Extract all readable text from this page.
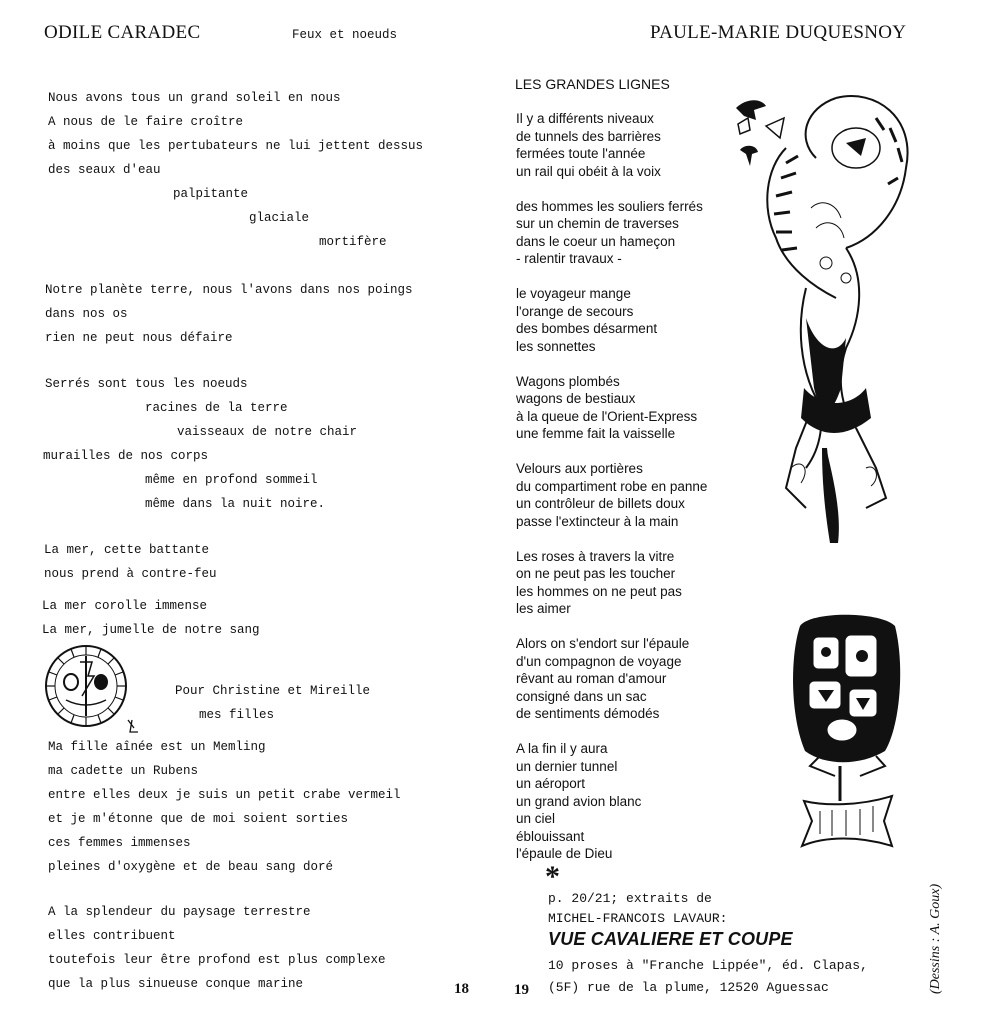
ODILE CARADEC	Feux et noeuds
Nous avons tous un grand soleil en nous
A nous de le faire croître
à moins que les pertubateurs ne lui jettent dessus
des seaux d'eau
palpitante
glaciale
mortifère
Notre planète terre, nous l'avons dans nos poings
dans nos os
rien ne peut nous défaire
Serrés sont tous les noeuds
racines de la terre
vaisseaux de notre chair
murailles de nos corps
même en profond sommeil
même dans la nuit noire.
La mer, cette battante
nous prend à contre-feu
La mer corolle immense
La mer, jumelle de notre sang
Pour Christine et Mireille
mes filles
Ma fille aînée est un Memling
ma cadette un Rubens
entre elles deux je suis un petit crabe vermeil
et je m'étonne que de moi soient sorties
ces femmes immenses
pleines d'oxygène et de beau sang doré
A la splendeur du paysage terrestre
elles contribuent
toutefois leur être profond est plus complexe
que la plus sinueuse conque marine	18
PAULE-MARIE DUQUESNOY
LES GRANDES LIGNES
Il y a différents niveaux
de tunnels des barrières
fermées toute l'année
un rail qui obéit à la voix
des hommes les souliers ferrés
sur un chemin de traverses
dans le coeur un hameçon
- ralentir travaux -
le voyageur mange
l'orange de secours
des bombes désarment
les sonnettes
Wagons plombés
wagons de bestiaux
à la queue de l'Orient-Express
une femme fait la vaisselle
Velours aux portières
du compartiment robe en panne
un contrôleur de billets doux
passe l'extincteur à la main
Les roses à travers la vitre
on ne peut pas les toucher
les hommes on ne peut pas
les aimer
Alors on s'endort sur l'épaule
d'un compagnon de voyage
rêvant au roman d'amour
consigné dans un sac
de sentiments démodés
A la fin il y aura
un dernier tunnel
un aéroport
un grand avion blanc
un ciel
éblouissant
l'épaule de Dieu
*
p. 20/21; extraits de
MICHEL-FRANCOIS LAVAUR:
VUE CAVALIERE ET COUPE
10 proses à "Franche Lippée", éd. Clapas,
(5F) rue de la plume, 12520 Aguessac
19	(Dessins : A. Goux)
